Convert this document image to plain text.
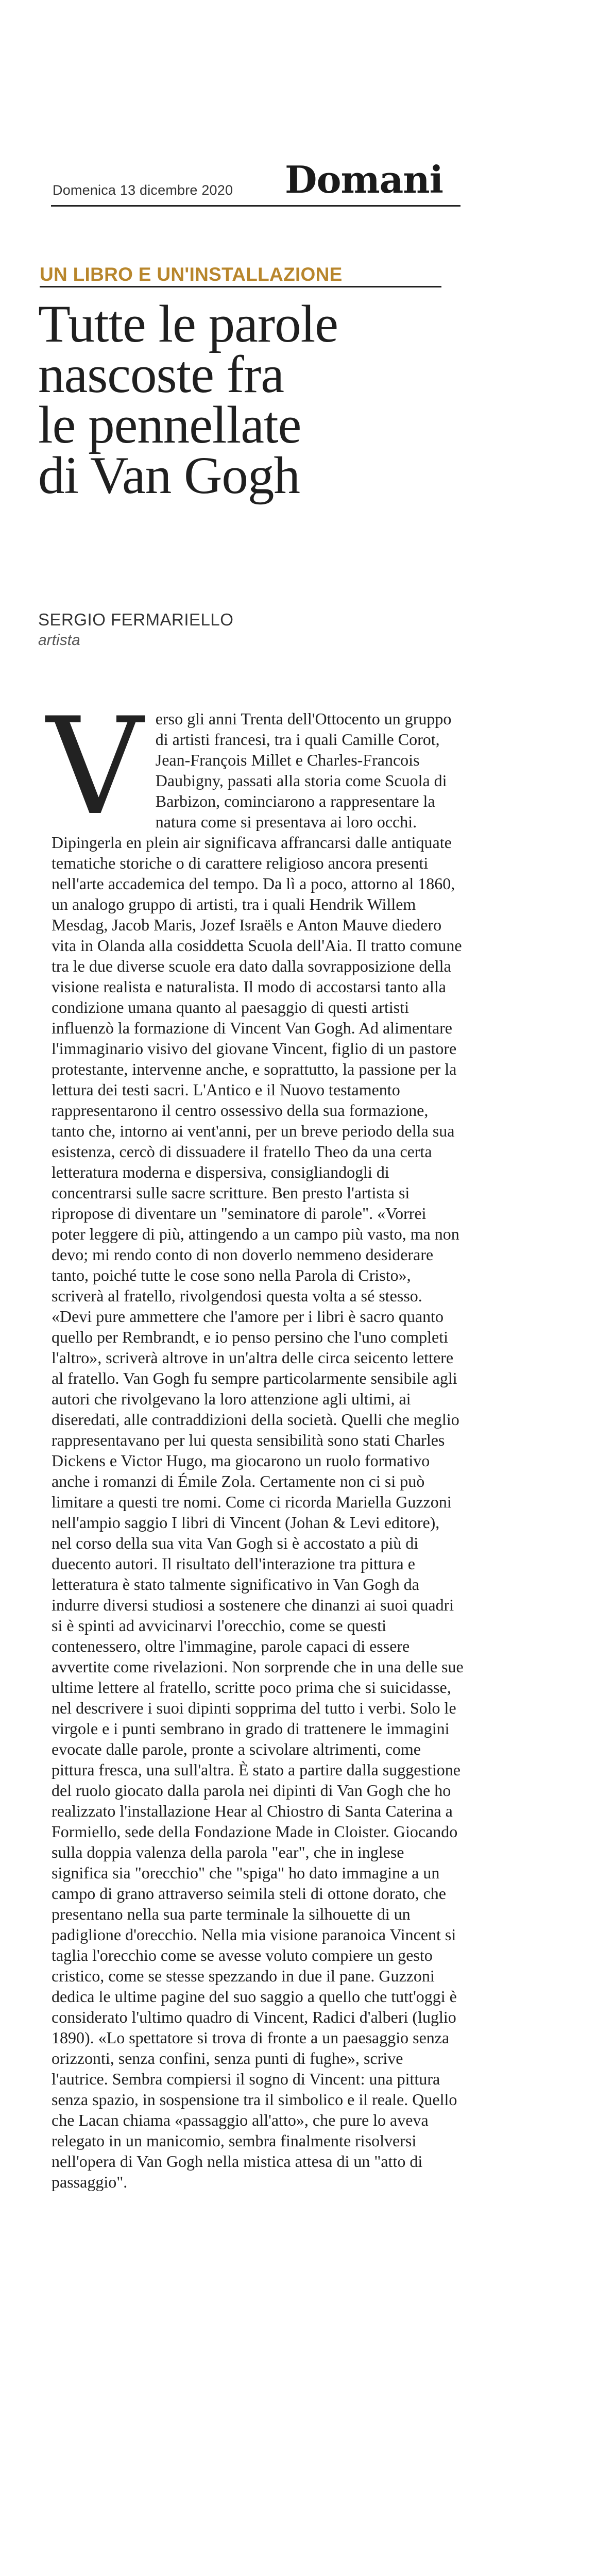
Domenica 13 dicembre 2020 Domani
UN LIBRO E UN'INSTALLAZIONE
Tutte le parole
nascoste fra
le pennellate
di Van Gogh
SERGIO FERMARIELLO
artista

Verso gli anni Trenta dell'Ottocento un gruppo di artisti francesi, tra i quali Camille Corot, Jean-François Millet e Charles-Francois Daubigny, passati alla storia come Scuola di Barbizon, cominciarono a rappresentare la natura come si presentava ai loro occhi. Dipingerla en plein air significava affrancarsi dalle antiquate tematiche storiche o di carattere religioso ancora presenti nell'arte accademica del tempo. Da lì a poco, attorno al 1860, un analogo gruppo di artisti, tra i quali Hendrik Willem Mesdag, Jacob Maris, Jozef Israëls e Anton Mauve diedero vita in Olanda alla cosiddetta Scuola dell'Aia. Il tratto comune tra le due diverse scuole era dato dalla sovrapposizione della visione realista e naturalista. Il modo di accostarsi tanto alla condizione umana quanto al paesaggio di questi artisti influenzò la formazione di Vincent Van Gogh. Ad alimentare l'immaginario visivo del giovane Vincent, figlio di un pastore protestante, intervenne anche, e soprattutto, la passione per la lettura dei testi sacri. L'Antico e il Nuovo testamento rappresentarono il centro ossessivo della sua formazione, tanto che, intorno ai vent'anni, per un breve periodo della sua esistenza, cercò di dissuadere il fratello Theo da una certa letteratura moderna e dispersiva, consigliandogli di concentrarsi sulle sacre scritture. Ben presto l'artista si ripropose di diventare un "seminatore di parole". «Vorrei poter leggere di più, attingendo a un campo più vasto, ma non devo; mi rendo conto di non doverlo nemmeno desiderare tanto, poiché tutte le cose sono nella Parola di Cristo», scriverà al fratello, rivolgendosi questa volta a sé stesso. «Devi pure ammettere che l'amore per i libri è sacro quanto quello per Rembrandt, e io penso persino che l'uno completi l'altro», scriverà altrove in un'altra delle circa seicento lettere al fratello. Van Gogh fu sempre particolarmente sensibile agli autori che rivolgevano la loro attenzione agli ultimi, ai diseredati, alle contraddizioni della società. Quelli che meglio rappresentavano per lui questa sensibilità sono stati Charles Dickens e Victor Hugo, ma giocarono un ruolo formativo anche i romanzi di Émile Zola. Certamente non ci si può limitare a questi tre nomi. Come ci ricorda Mariella Guzzoni nell'ampio saggio I libri di Vincent (Johan & Levi editore), nel corso della sua vita Van Gogh si è accostato a più di duecento autori. Il risultato dell'interazione tra pittura e letteratura è stato talmente significativo in Van Gogh da indurre diversi studiosi a sostenere che dinanzi ai suoi quadri si è spinti ad avvicinarvi l'orecchio, come se questi contenessero, oltre l'immagine, parole capaci di essere avvertite come rivelazioni. Non sorprende che in una delle sue ultime lettere al fratello, scritte poco prima che si suicidasse, nel descrivere i suoi dipinti sopprima del tutto i verbi. Solo le virgole e i punti sembrano in grado di trattenere le immagini evocate dalle parole, pronte a scivolare altrimenti, come pittura fresca, una sull'altra. È stato a partire dalla suggestione del ruolo giocato dalla parola nei dipinti di Van Gogh che ho realizzato l'installazione Hear al Chiostro di Santa Caterina a Formiello, sede della Fondazione Made in Cloister. Giocando sulla doppia valenza della parola "ear", che in inglese significa sia "orecchio" che "spiga" ho dato immagine a un campo di grano attraverso seimila steli di ottone dorato, che presentano nella sua parte terminale la silhouette di un padiglione d'orecchio. Nella mia visione paranoica Vincent si taglia l'orecchio come se avesse voluto compiere un gesto cristico, come se stesse spezzando in due il pane. Guzzoni dedica le ultime pagine del suo saggio a quello che tutt'oggi è considerato l'ultimo quadro di Vincent, Radici d'alberi (luglio 1890). «Lo spettatore si trova di fronte a un paesaggio senza orizzonti, senza confini, senza punti di fughe», scrive l'autrice. Sembra compiersi il sogno di Vincent: una pittura senza spazio, in sospensione tra il simbolico e il reale. Quello che Lacan chiama «passaggio all'atto», che pure lo aveva relegato in un manicomio, sembra finalmente risolversi nell'opera di Van Gogh nella mistica attesa di un "atto di passaggio".
